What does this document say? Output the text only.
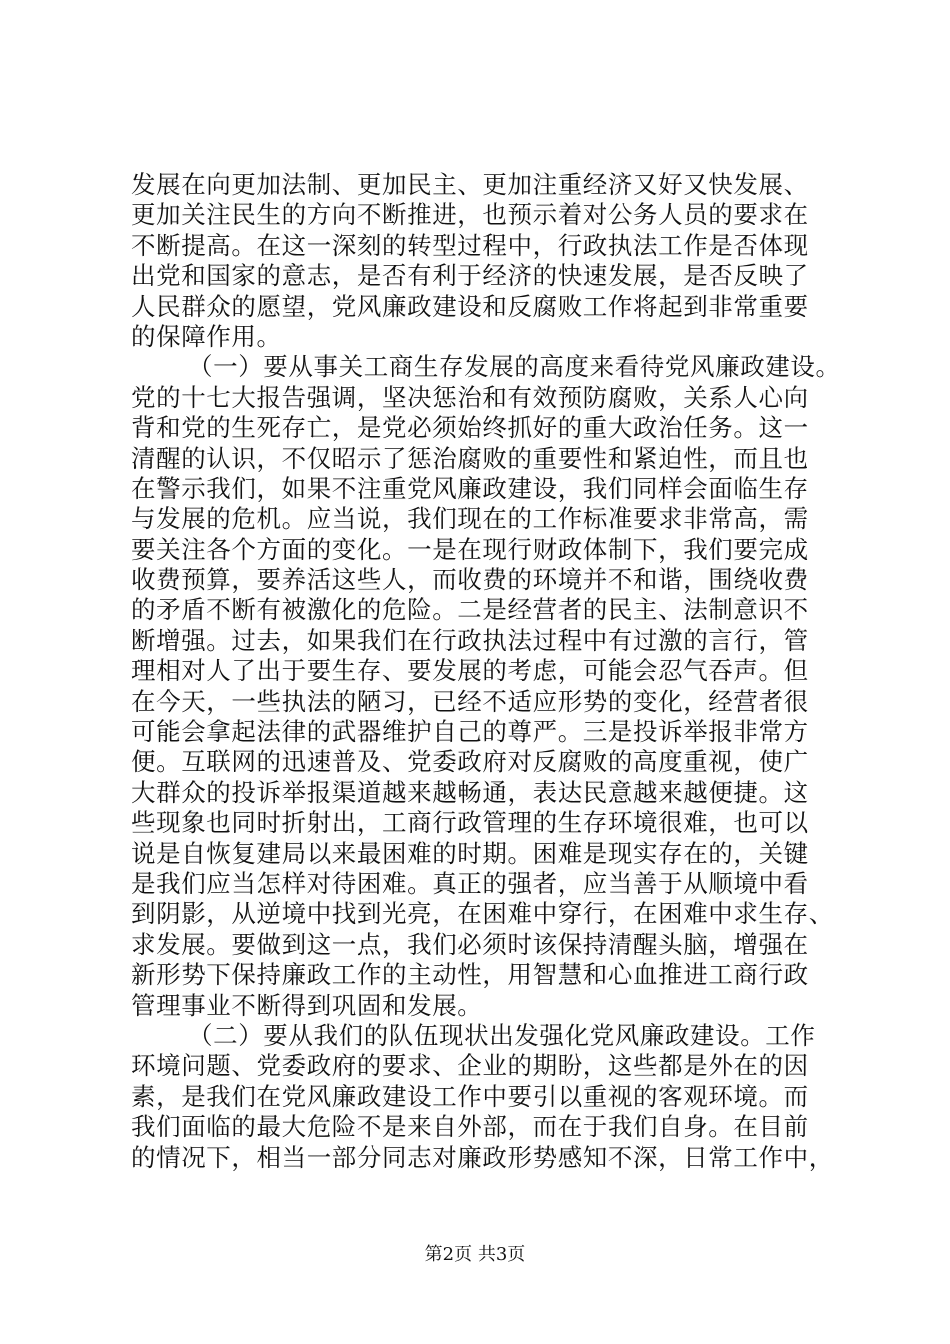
发展在向更加法制、更加民主、更加注重经济又好又快发展、
更加关注民生的方向不断推进，也预示着对公务人员的要求在
不断提高。在这一深刻的转型过程中，行政执法工作是否体现
出党和国家的意志，是否有利于经济的快速发展，是否反映了
人民群众的愿望，党风廉政建设和反腐败工作将起到非常重要
的保障作用。
（一）要从事关工商生存发展的高度来看待党风廉政建设。
党的十七大报告强调，坚决惩治和有效预防腐败，关系人心向
背和党的生死存亡，是党必须始终抓好的重大政治任务。这一
清醒的认识，不仅昭示了惩治腐败的重要性和紧迫性，而且也
在警示我们，如果不注重党风廉政建设，我们同样会面临生存
与发展的危机。应当说，我们现在的工作标准要求非常高，需
要关注各个方面的变化。一是在现行财政体制下，我们要完成
收费预算，要养活这些人，而收费的环境并不和谐，围绕收费
的矛盾不断有被激化的危险。二是经营者的民主、法制意识不
断增强。过去，如果我们在行政执法过程中有过激的言行，管
理相对人了出于要生存、要发展的考虑，可能会忍气吞声。但
在今天，一些执法的陋习，已经不适应形势的变化，经营者很
可能会拿起法律的武器维护自己的尊严。三是投诉举报非常方
便。互联网的迅速普及、党委政府对反腐败的高度重视，使广
大群众的投诉举报渠道越来越畅通，表达民意越来越便捷。这
些现象也同时折射出，工商行政管理的生存环境很难，也可以
说是自恢复建局以来最困难的时期。困难是现实存在的，关键
是我们应当怎样对待困难。真正的强者，应当善于从顺境中看
到阴影，从逆境中找到光亮，在困难中穿行，在困难中求生存、
求发展。要做到这一点，我们必须时该保持清醒头脑，增强在
新形势下保持廉政工作的主动性，用智慧和心血推进工商行政
管理事业不断得到巩固和发展。
（二）要从我们的队伍现状出发强化党风廉政建设。工作
环境问题、党委政府的要求、企业的期盼，这些都是外在的因
素，是我们在党风廉政建设工作中要引以重视的客观环境。而
我们面临的最大危险不是来自外部，而在于我们自身。在目前
的情况下，相当一部分同志对廉政形势感知不深，日常工作中，
第2页 共3页
